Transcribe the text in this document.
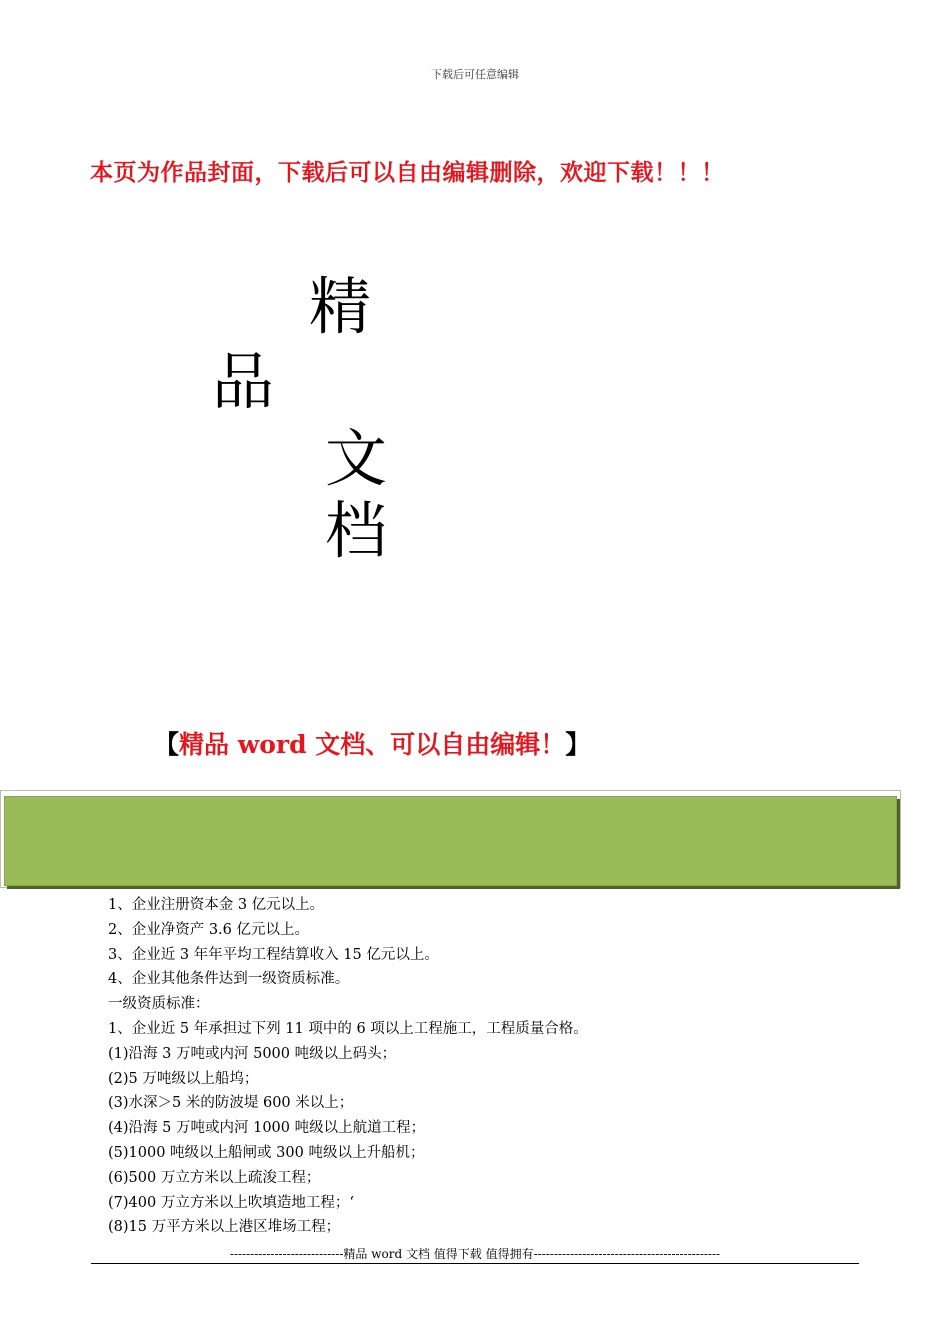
下载后可任意编辑
本页为作品封面，下载后可以自由编辑删除，欢迎下载！！！
精
品
文
档
【精品 word 文档、可以自由编辑！】
1、企业注册资本金 3 亿元以上。
2、企业净资产 3.6 亿元以上。
3、企业近 3 年年平均工程结算收入 15 亿元以上。
4、企业其他条件达到一级资质标准。
一级资质标准：
1、企业近 5 年承担过下列 11 项中的 6 项以上工程施工，工程质量合格。
(1)沿海 3 万吨或内河 5000 吨级以上码头；
(2)5 万吨级以上船坞；
(3)水深＞5 米的防波堤 600 米以上；
(4)沿海 5 万吨或内河 1000 吨级以上航道工程；
(5)1000 吨级以上船闸或 300 吨级以上升船机；
(6)500 万立方米以上疏浚工程；
(7)400 万立方米以上吹填造地工程；‘
(8)15 万平方米以上港区堆场工程；
----------------------------精品 word 文档 值得下载 值得拥有----------------------------------------------
